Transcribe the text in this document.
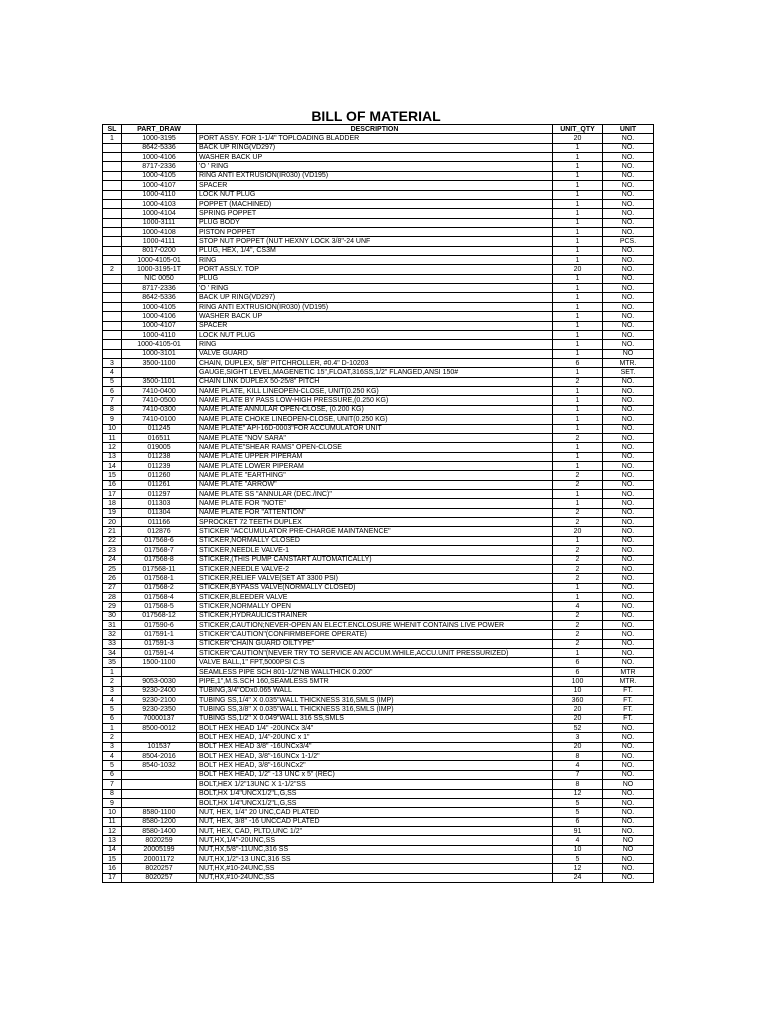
BILL OF MATERIAL
SL	PART_DRAW	DESCRIPTION	UNIT_QTY	UNIT
1	1000-3195	PORT ASSY. FOR 1-1/4" TOPLOADING BLADDER	20	NO.
	8642-5336	BACK UP RING(VD297)	1	NO.
	1000-4106	WASHER BACK UP	1	NO.
	8717-2336	'O ' RING	1	NO.
	1000-4105	RING ANTI EXTRUSION(IR030) (VD195)	1	NO.
	1000-4107	SPACER	1	NO.
	1000-4110	LOCK NUT PLUG	1	NO.
	1000-4103	POPPET (MACHINED)	1	NO.
	1000-4104	SPRING POPPET	1	NO.
	1000-3111	PLUG BODY	1	NO.
	1000-4108	PISTON POPPET	1	NO.
	1000-4111	STOP NUT POPPET (NUT HEXNY LOCK 3/8"-24 UNF	1	PCS.
	8017-0200	PLUG, HEX, 1/4", CS3M	1	NO.
	1000-4105-01	RING	1	NO.
2	1000-3195-1T	PORT ASSLY. TOP	20	NO.
	NIC 0050	PLUG	1	NO.
	8717-2336	'O ' RING	1	NO.
	8642-5336	BACK UP RING(VD297)	1	NO.
	1000-4105	RING ANTI EXTRUSION(IR030) (VD195)	1	NO.
	1000-4106	WASHER BACK UP	1	NO.
	1000-4107	SPACER	1	NO.
	1000-4110	LOCK NUT PLUG	1	NO.
	1000-4105-01	RING	1	NO.
	1000-3101	VALVE GUARD	1	NO
3	3500-1100	CHAIN, DUPLEX, 5/8" PITCHROLLER, #0.4" D-10203	6	MTR.
4		GAUGE,SIGHT LEVEL,MAGENETIC 15",FLOAT,316SS,1/2" FLANGED,ANSI 150#	1	SET.
5	3500-1101	CHAIN LINK DUPLEX 50-25/8" PITCH	2	NO.
6	7410-0400	NAME PLATE, KILL LINEOPEN-CLOSE, UNIT(0.250 KG)	1	NO.
7	7410-0500	NAME PLATE BY PASS LOW-HIGH PRESSURE,(0.250 KG)	1	NO.
8	7410-0300	NAME PLATE ANNULAR OPEN-CLOSE, (0.200 KG)	1	NO.
9	7410-0100	NAME PLATE CHOKE LINEOPEN-CLOSE, UNIT(0.250 KG)	1	NO.
10	011245	NAME PLATE" API-16D-0003"FOR ACCUMULATOR UNIT	1	NO.
11	016511	NAME PLATE "NOV SARA"	2	NO.
12	019005	NAME PLATE"SHEAR RAMS" OPEN-CLOSE	1	NO.
13	011238	NAME PLATE UPPER PIPERAM	1	NO.
14	011239	NAME PLATE LOWER PIPERAM	1	NO.
15	011260	NAME PLATE "EARTHING"	2	NO.
16	011261	NAME PLATE "ARROW"	2	NO.
17	011297	NAME PLATE SS "ANNULAR (DEC./INC)"	1	NO.
18	011303	NAME PLATE FOR "NOTE"	1	NO.
19	011304	NAME PLATE FOR "ATTENTION"	2	NO.
20	011166	SPROCKET 72 TEETH DUPLEX	2	NO.
21	012876	STICKER "ACCUMULATOR PRE-CHARGE MAINTANENCE"	20	NO.
22	017568-6	STICKER,NORMALLY CLOSED	1	NO.
23	017568-7	STICKER,NEEDLE VALVE-1	2	NO.
24	017568-8	STICKER,(THIS PUMP CANSTART AUTOMATICALLY)	2	NO.
25	017568-11	STICKER,NEEDLE VALVE-2	2	NO.
26	017568-1	STICKER,RELIEF VALVE(SET AT 3300 PSI)	2	NO.
27	017568-2	STICKER,BYPASS VALVE(NORMALLY CLOSED)	1	NO.
28	017568-4	STICKER,BLEEDER VALVE	1	NO.
29	017568-5	STICKER,NORMALLY OPEN	4	NO.
30	017568-12	STICKER,HYDRAULICSTRAINER	2	NO.
31	017590-6	STICKER,CAUTION;NEVER-OPEN AN ELECT.ENCLOSURE WHENIT CONTAINS LIVE POWER	2	NO.
32	017591-1	STICKER"CAUTION"(CONFIRMBEFORE OPERATE)	2	NO.
33	017591-3	STICKER"CHAIN GUARD OILTYPE"	2	NO.
34	017591-4	STICKER"CAUTION"(NEVER TRY TO SERVICE AN ACCUM.WHILE,ACCU.UNIT PRESSURIZED)	1	NO.
35	1500-1100	VALVE BALL,1" FPT,5000PSI C.S	6	NO.
1		SEAMLESS PIPE SCH 801-1/2"NB WALLTHICK 0.200"	6	MTR
2	9053-0030	PIPE,1",M.S.SCH 160,SEAMLESS 5MTR	100	MTR.
3	9230-2400	TUBING,3/4"ODx0.065 WALL	10	FT.
4	9230-2100	TUBING SS,1/4" X 0.035"WALL THICKNESS 316,SMLS (IMP)	360	FT.
5	9230-2350	TUBING SS,3/8" X 0.035"WALL THICKNESS 316,SMLS (IMP)	20	FT.
6	70000137	TUBING SS,1/2" X 0.049"WALL 316 SS,SMLS	20	FT.
1	8500-0012	BOLT HEX HEAD 1/4" -20UNCx 3/4"	52	NO.
2		BOLT HEX HEAD, 1/4"-20UNC x 1"	3	NO.
3	101537	BOLT HEX HEAD 3/8" -16UNCx3/4"	20	NO.
4	8504-2016	BOLT HEX HEAD, 3/8"-16UNCx 1-1/2"	8	NO.
5	8540-1032	BOLT HEX HEAD, 3/8"-16UNCx2"	4	NO.
6		BOLT HEX HEAD, 1/2" -13 UNC x 5" (REC)	7	NO.
7		BOLT,HEX 1/2"13UNC X 1-1/2"SS	8	NO
8		BOLT,HX 1/4"UNCX1/2"L,G,SS	12	NO.
9		BOLT,HX 1/4"UNCX1/2"L,G,SS	5	NO.
10	8580-1100	NUT, HEX, 1/4" 20 UNC,CAD PLATED	5	NO.
11	8580-1200	NUT, HEX, 3/8" -16 UNCCAD PLATED	6	NO.
12	8580-1400	NUT, HEX, CAD, PLTD,UNC 1/2"	91	NO.
13	8020259	NUT,HX,1/4"-20UNC,SS	4	NO
14	20005199	NUT,HX,5/8"-11UNC,316 SS	10	NO
15	20001172	NUT,HX,1/2"-13 UNC,316 SS	5	NO.
16	8020257	NUT,HX,#10-24UNC,SS	12	NO.
17	8020257	NUT,HX,#10-24UNC,SS	24	NO.
